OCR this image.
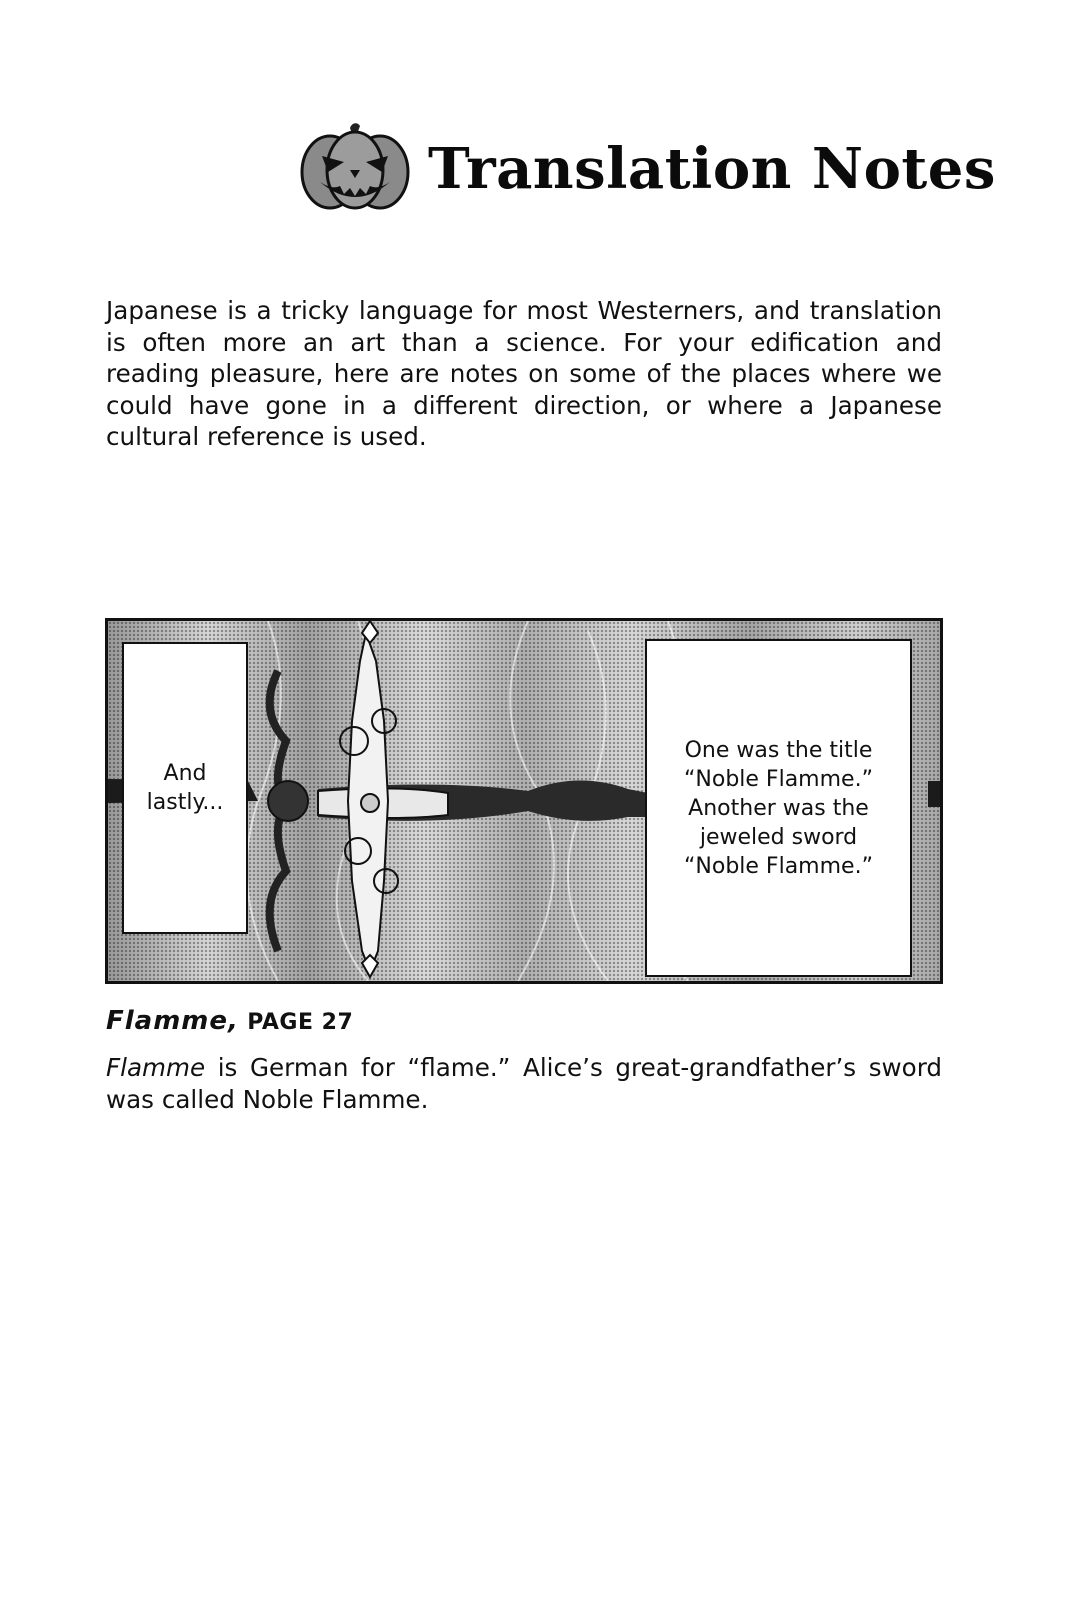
Translation Notes

Japanese is a tricky language for most Westerners, and translation is often more an art than a science. For your edification and reading pleasure, here are notes on some of the places where we could have gone in a different direction, or where a Japanese cultural reference is used.

And
lastly...
One was the title
“Noble Flamme.”
Another was the
jeweled sword
“Noble Flamme.”
Flamme, PAGE 27

Flamme is German for “flame.” Alice’s great-grandfather’s sword was called Noble Flamme.
